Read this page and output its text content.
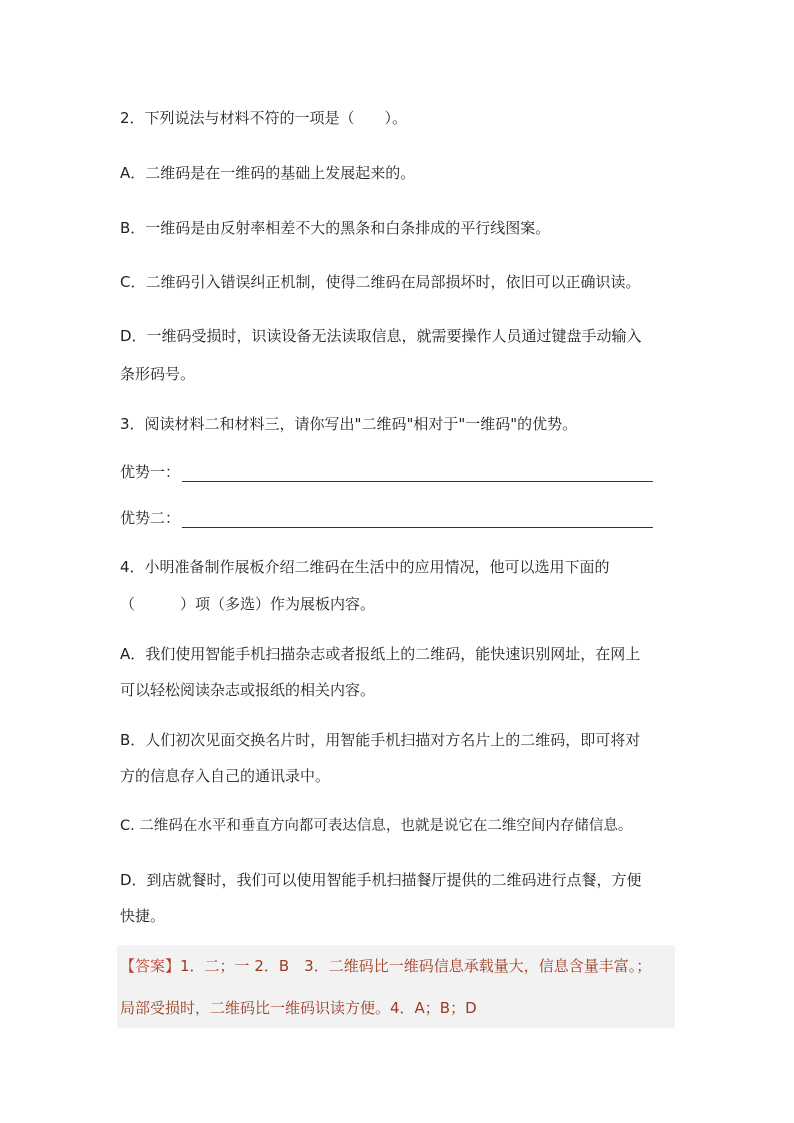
2．下列说法与材料不符的一项是（　　）。
A．二维码是在一维码的基础上发展起来的。
B．一维码是由反射率相差不大的黑条和白条排成的平行线图案。
C．二维码引入错误纠正机制，使得二维码在局部损坏时，依旧可以正确识读。
D．一维码受损时，识读设备无法读取信息，就需要操作人员通过键盘手动输入
条形码号。
3．阅读材料二和材料三，请你写出"二维码"相对于"一维码"的优势。
优势一：
优势二：
4．小明准备制作展板介绍二维码在生活中的应用情况，他可以选用下面的
（　　　）项（多选）作为展板内容。
A．我们使用智能手机扫描杂志或者报纸上的二维码，能快速识别网址，在网上
可以轻松阅读杂志或报纸的相关内容。
B．人们初次见面交换名片时，用智能手机扫描对方名片上的二维码，即可将对
方的信息存入自己的通讯录中。
C. 二维码在水平和垂直方向都可表达信息，也就是说它在二维空间内存储信息。
D．到店就餐时，我们可以使用智能手机扫描餐厅提供的二维码进行点餐，方便
快捷。
【答案】1．二；一 2．B　3．二维码比一维码信息承载量大，信息含量丰富。；
局部受损时，二维码比一维码识读方便。4．A；B；D
